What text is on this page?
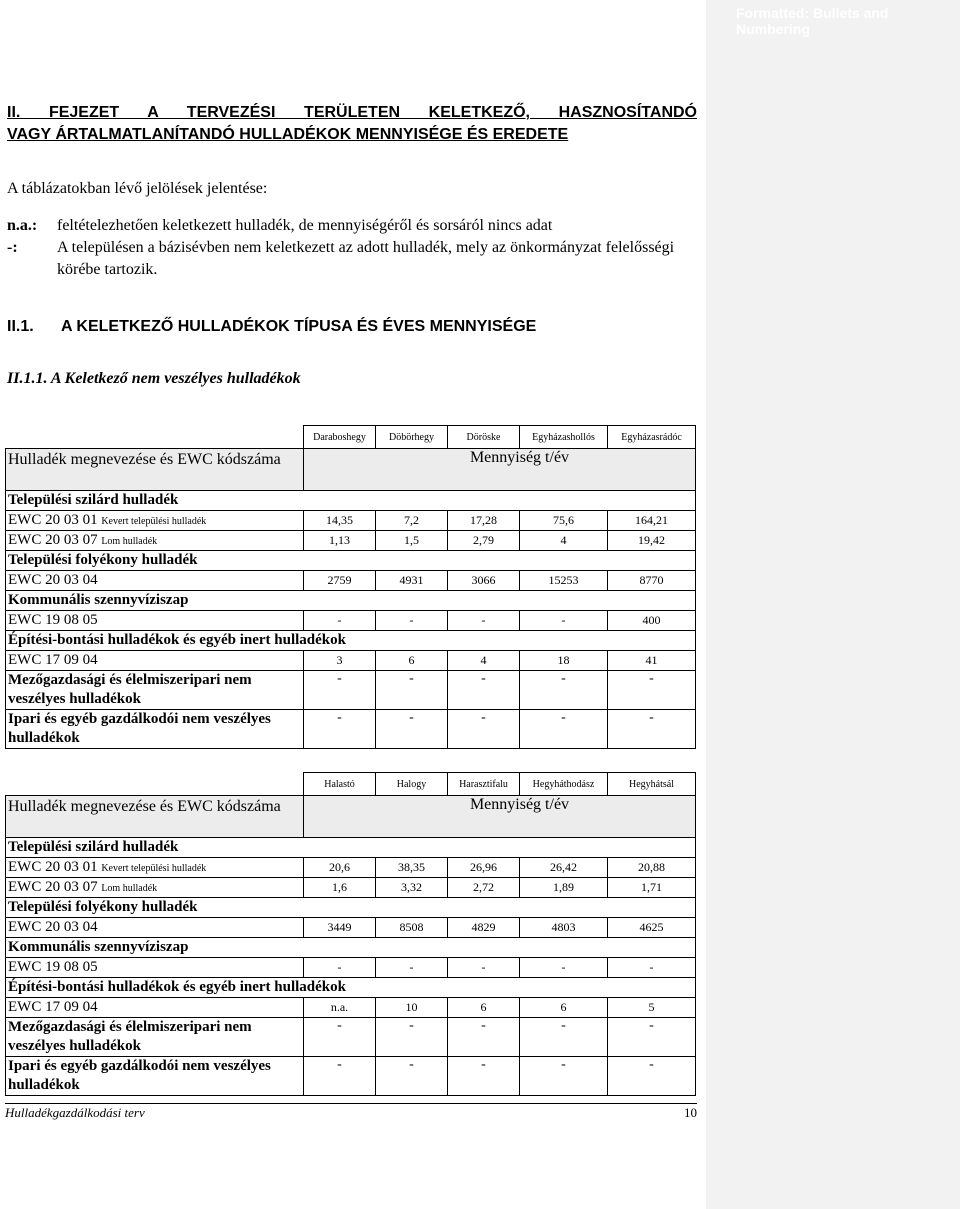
Formatted: Bullets and Numbering
II. FEJEZET A TERVEZÉSI TERÜLETEN KELETKEZŐ, HASZNOSÍTANDÓ
VAGY ÁRTALMATLANÍTANDÓ HULLADÉKOK MENNYISÉGE ÉS EREDETE
A táblázatokban lévő jelölések jelentése:
n.a.:	feltételezhetően keletkezett hulladék, de mennyiségéről és sorsáról nincs adat
-:	A településen a bázisévben nem keletkezett az adott hulladék, mely az önkormányzat felelősségi körébe tartozik.
II.1. A KELETKEZŐ HULLADÉKOK TÍPUSA ÉS ÉVES MENNYISÉGE
II.1.1. A Keletkező nem veszélyes hulladékok
	Daraboshegy	Döbörhegy	Döröske	Egyházashollós	Egyházasrádóc
Hulladék megnevezése és EWC kódszáma	Mennyiség t/év				
Települési szilárd hulladék					
EWC 20 03 01 Kevert települési hulladék	14,35	7,2	17,28	75,6	164,21
EWC 20 03 07 Lom hulladék	1,13	1,5	2,79	4	19,42
Települési folyékony hulladék					
EWC 20 03 04	2759	4931	3066	15253	8770
Kommunális szennyvíziszap					
EWC 19 08 05	-	-	-	-	400
Építési-bontási hulladékok és egyéb inert hulladékok					
EWC 17 09 04	3	6	4	18	41
Mezőgazdasági és élelmiszeripari nem veszélyes hulladékok	-	-	-	-	-
Ipari és egyéb gazdálkodói nem veszélyes hulladékok	-	-	-	-	-
	Halastó	Halogy	Harasztifalu	Hegyháthodász	Hegyhátsál
Hulladék megnevezése és EWC kódszáma	Mennyiség t/év				
Települési szilárd hulladék					
EWC 20 03 01 Kevert települési hulladék	20,6	38,35	26,96	26,42	20,88
EWC 20 03 07 Lom hulladék	1,6	3,32	2,72	1,89	1,71
Települési folyékony hulladék					
EWC 20 03 04	3449	8508	4829	4803	4625
Kommunális szennyvíziszap					
EWC 19 08 05	-	-	-	-	-
Építési-bontási hulladékok és egyéb inert hulladékok					
EWC 17 09 04	n.a.	10	6	6	5
Mezőgazdasági és élelmiszeripari nem veszélyes hulladékok	-	-	-	-	-
Ipari és egyéb gazdálkodói nem veszélyes hulladékok	-	-	-	-	-
Hulladékgazdálkodási terv	10
